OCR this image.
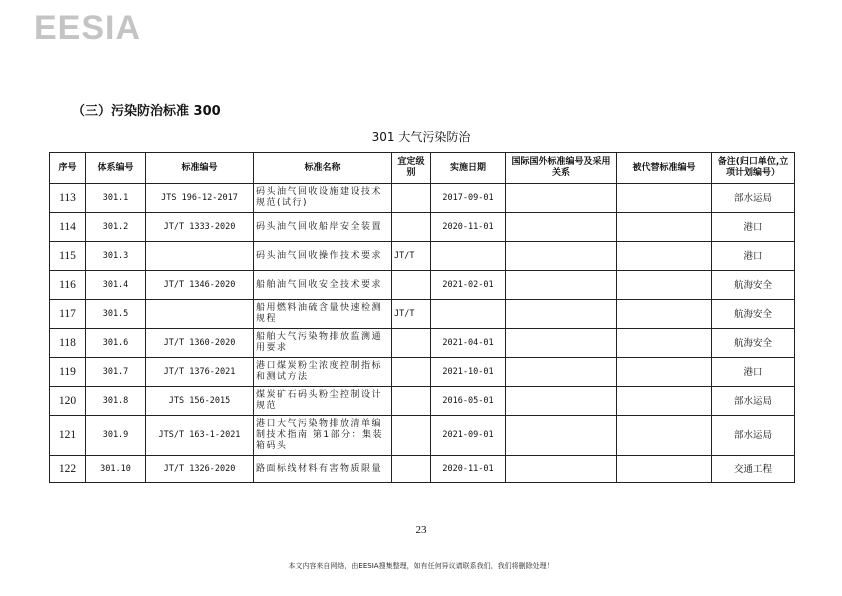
EESIA
（三）污染防治标准 300
301 大气污染防治
序号	体系编号	标准编号	标准名称	宜定级别	实施日期	国际国外标准编号及采用关系	被代替标准编号	备注(归口单位,立项计划编号）
113	301.1	JTS 196-12-2017	码头油气回收设施建设技术规范(试行)		2017-09-01			部水运局
114	301.2	JT/T 1333-2020	码头油气回收船岸安全装置		2020-11-01			港口
115	301.3		码头油气回收操作技术要求	JT/T				港口
116	301.4	JT/T 1346-2020	船舶油气回收安全技术要求		2021-02-01			航海安全
117	301.5		船用燃料油硫含量快速检测规程	JT/T				航海安全
118	301.6	JT/T 1360-2020	船舶大气污染物排放监测通用要求		2021-04-01			航海安全
119	301.7	JT/T 1376-2021	港口煤炭粉尘浓度控制指标和测试方法		2021-10-01			港口
120	301.8	JTS 156-2015	煤炭矿石码头粉尘控制设计规范		2016-05-01			部水运局
121	301.9	JTS/T 163-1-2021	港口大气污染物排放清单编制技术指南 第1部分：集装箱码头		2021-09-01			部水运局
122	301.10	JT/T 1326-2020	路面标线材料有害物质限量		2020-11-01			交通工程
23
本文内容来自网络，由EESIA搜集整理，如有任何异议请联系我们，我们将删除处理！
